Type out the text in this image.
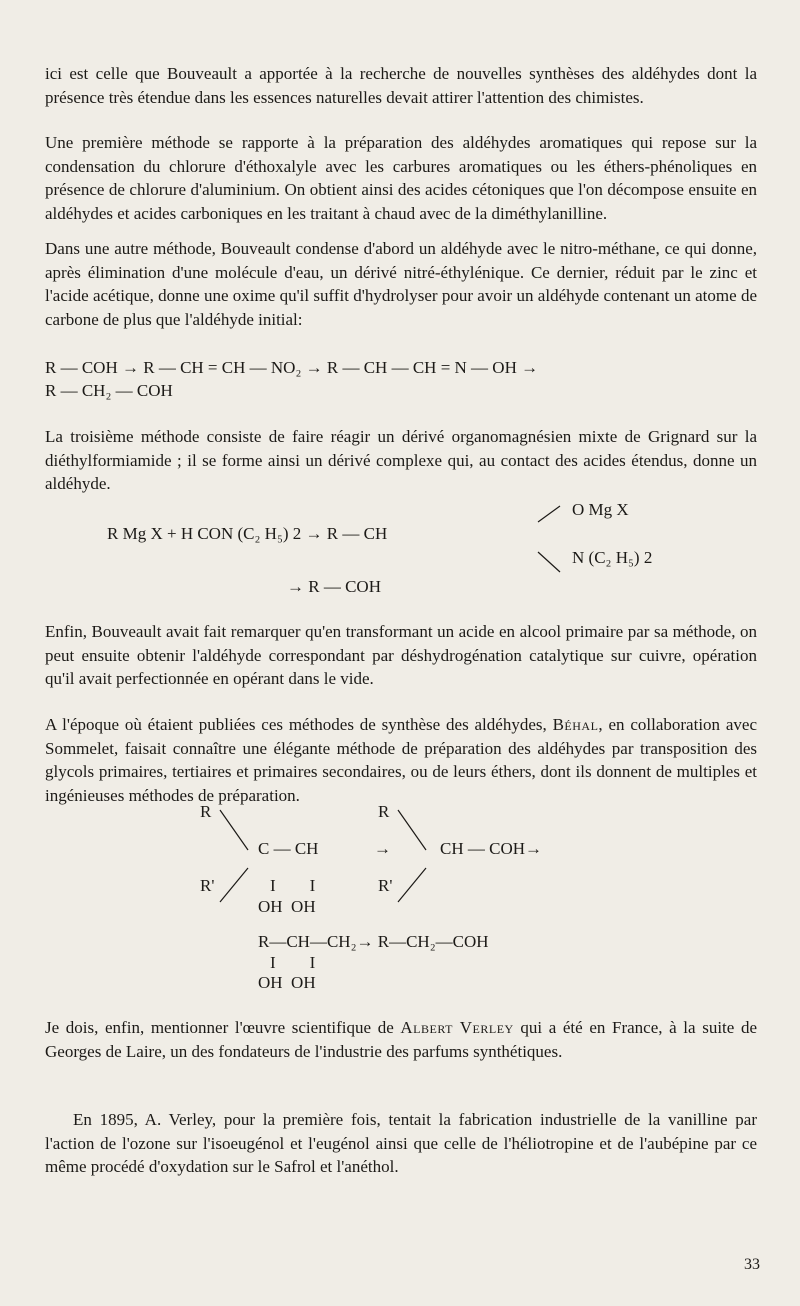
ici est celle que Bouveault a apportée à la recherche de nouvelles synthèses des aldéhydes dont la présence très étendue dans les essences naturelles devait attirer l'attention des chimistes.

Une première méthode se rapporte à la préparation des aldéhydes aromatiques qui repose sur la condensation du chlorure d'éthoxalyle avec les carbures aromatiques ou les éthers-phénoliques en présence de chlorure d'aluminium. On obtient ainsi des acides cétoniques que l'on décompose ensuite en aldéhydes et acides carboniques en les traitant à chaud avec de la diméthylanilline.

Dans une autre méthode, Bouveault condense d'abord un aldéhyde avec le nitro-méthane, ce qui donne, après élimination d'une molécule d'eau, un dérivé nitré-éthylénique. Ce dernier, réduit par le zinc et l'acide acétique, donne une oxime qu'il suffit d'hydrolyser pour avoir un aldéhyde contenant un atome de carbone de plus que l'aldéhyde initial:

R — COH → R — CH = CH — NO₂ → R — CH — CH = N — OH →
R — CH₂ — COH

La troisième méthode consiste de faire réagir un dérivé organomagnésien mixte de Grignard sur la diéthylformiamide ; il se forme ainsi un dérivé complexe qui, au contact des acides étendus, donne un aldéhyde.

R Mg X + H CON (C₂ H₅) 2 → R — CH
O Mg X
N (C₂ H₅) 2
→ R — COH

Enfin, Bouveault avait fait remarquer qu'en transformant un acide en alcool primaire par sa méthode, on peut ensuite obtenir l'aldéhyde correspondant par déshydrogénation catalytique sur cuivre, opération qu'il avait perfectionnée en opérant dans le vide.

A l'époque où étaient publiées ces méthodes de synthèse des aldéhydes, Béhal, en collaboration avec Sommelet, faisait connaître une élégante méthode de préparation des aldéhydes par transposition des glycols primaires, tertiaires et primaires secondaires, ou de leurs éthers, dont ils donnent de multiples et ingénieuses méthodes de préparation.

R
R'
C — CH
I        I
OH  OH
→
R
R'
CH — COH→
R—CH—CH₂→ R—CH₂—COH
I        I
OH  OH

Je dois, enfin, mentionner l'œuvre scientifique de Albert Verley qui a été en France, à la suite de Georges de Laire, un des fondateurs de l'industrie des parfums synthétiques.

En 1895, A. Verley, pour la première fois, tentait la fabrication industrielle de la vanilline par l'action de l'ozone sur l'isoeugénol et l'eugénol ainsi que celle de l'héliotropine et de l'aubépine par ce même procédé d'oxydation sur le Safrol et l'anéthol.

33
